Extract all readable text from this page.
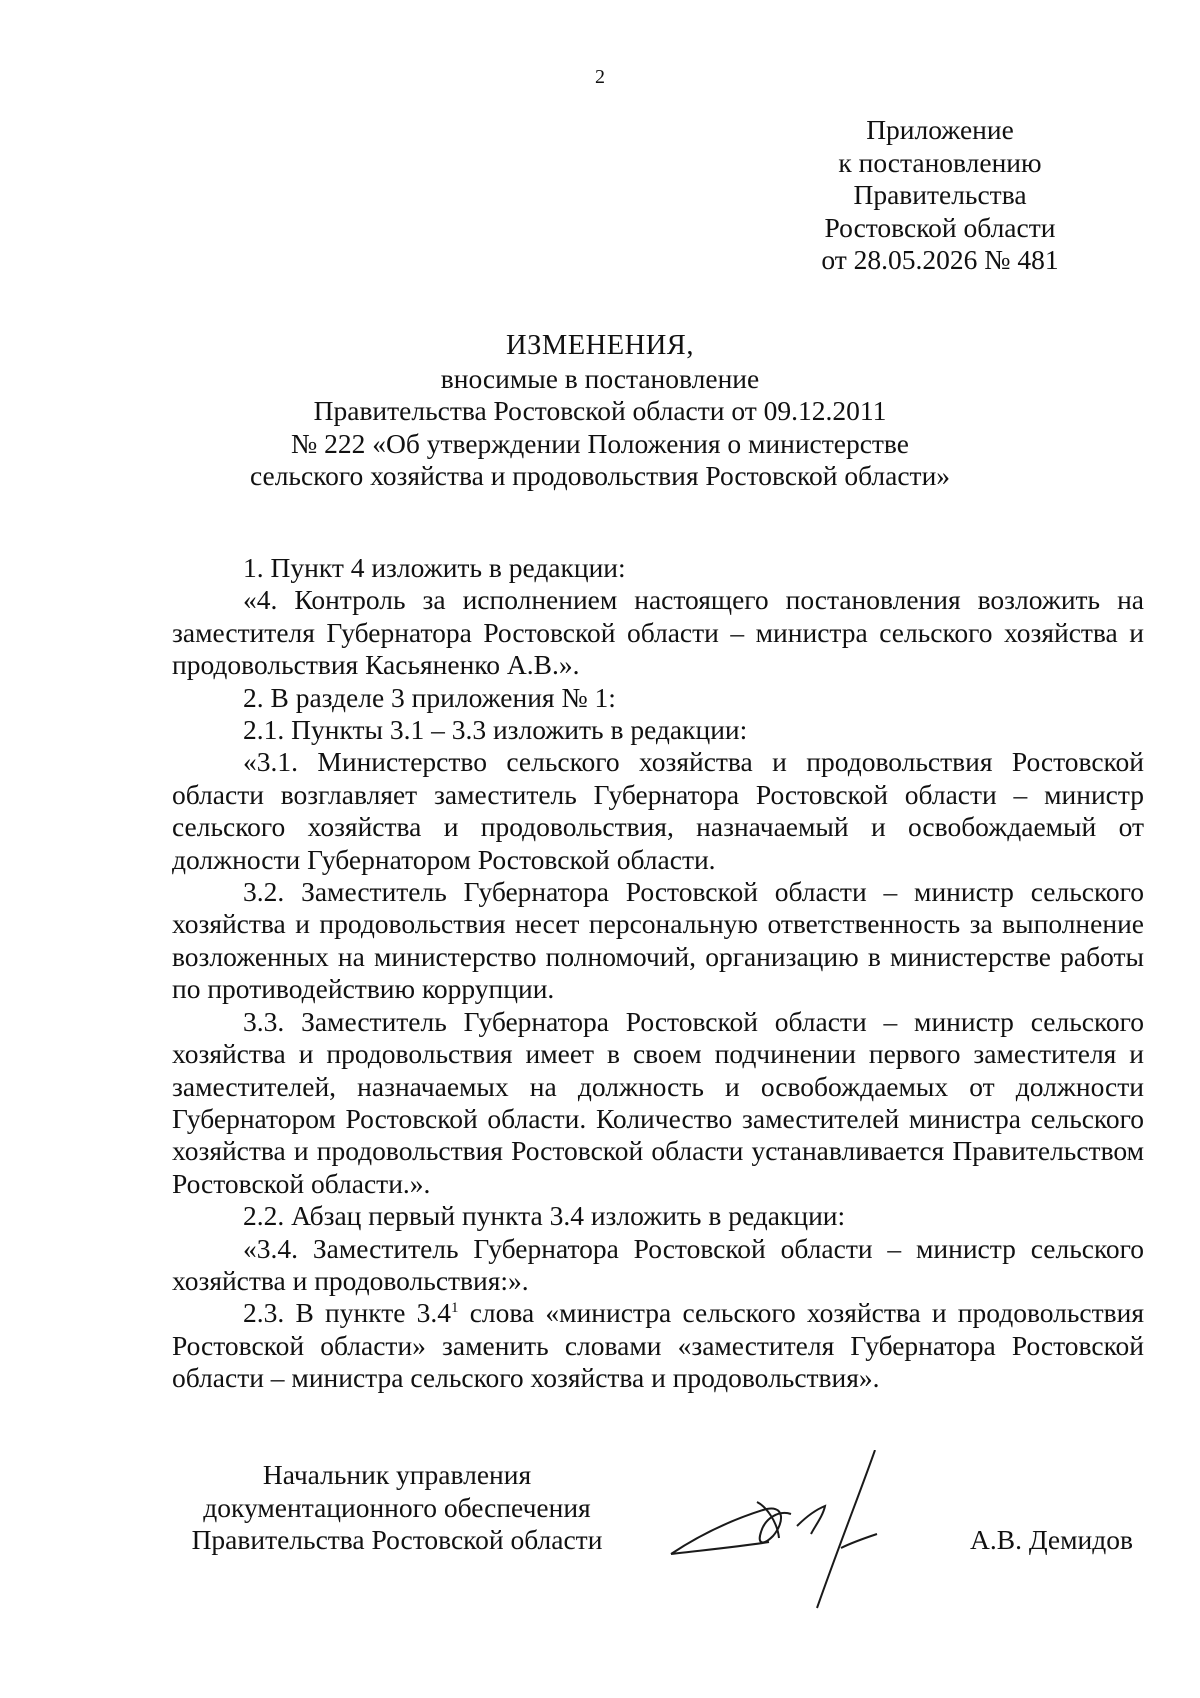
2
Приложение
к постановлению
Правительства
Ростовской области
от 28.05.2026 № 481
ИЗМЕНЕНИЯ,
вносимые в постановление
Правительства Ростовской области от 09.12.2011
№ 222 «Об утверждении Положения о министерстве
сельского хозяйства и продовольствия Ростовской области»

1. Пункт 4 изложить в редакции:

«4. Контроль за исполнением настоящего постановления возложить на заместителя Губернатора Ростовской области – министра сельского хозяйства и продовольствия Касьяненко А.В.».

2. В разделе 3 приложения № 1:

2.1. Пункты 3.1 – 3.3 изложить в редакции:

«3.1. Министерство сельского хозяйства и продовольствия Ростовской области возглавляет заместитель Губернатора Ростовской области – министр сельского хозяйства и продовольствия, назначаемый и освобождаемый от должности Губернатором Ростовской области.

3.2. Заместитель Губернатора Ростовской области – министр сельского хозяйства и продовольствия несет персональную ответственность за выполнение возложенных на министерство полномочий, организацию в министерстве работы по противодействию коррупции.

3.3. Заместитель Губернатора Ростовской области – министр сельского хозяйства и продовольствия имеет в своем подчинении первого заместителя и заместителей, назначаемых на должность и освобождаемых от должности Губернатором Ростовской области. Количество заместителей министра сельского хозяйства и продовольствия Ростовской области устанавливается Правительством Ростовской области.».

2.2. Абзац первый пункта 3.4 изложить в редакции:

«3.4. Заместитель Губернатора Ростовской области – министр сельского хозяйства и продовольствия:».

2.3. В пункте $3.4^1$ слова «министра сельского хозяйства и продовольствия Ростовской области» заменить словами «заместителя Губернатора Ростовской области – министра сельского хозяйства и продовольствия».

Начальник управления
документационного обеспечения
Правительства Ростовской области	А.В. Демидов
